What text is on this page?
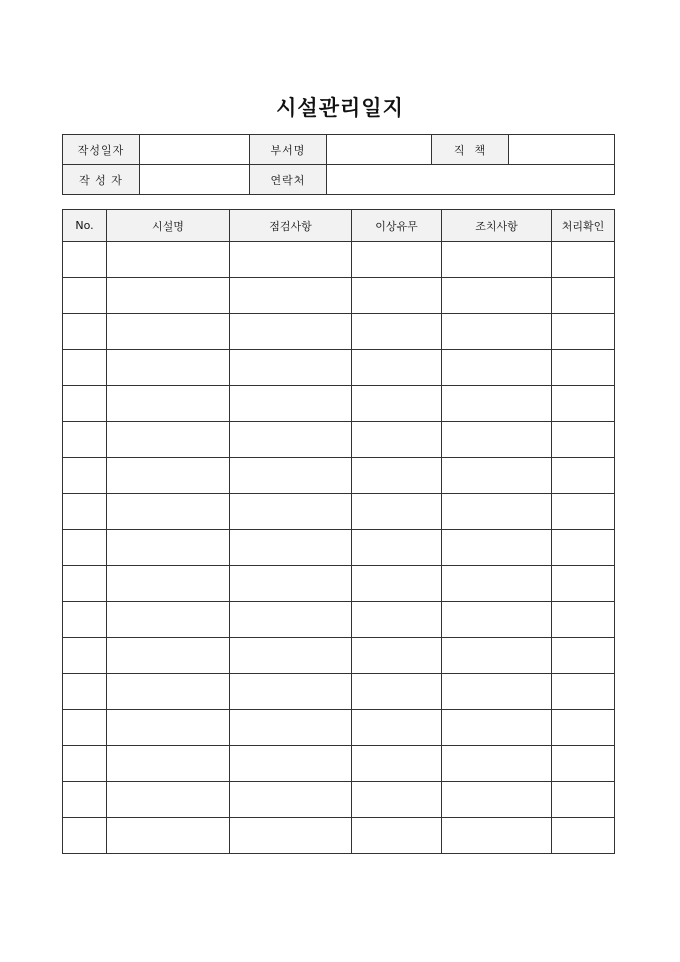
시설관리일지
작성일자		부서명		직  책	
작 성 자		연락처			
No.	시설명	점검사항	이상유무	조치사항	처리확인
